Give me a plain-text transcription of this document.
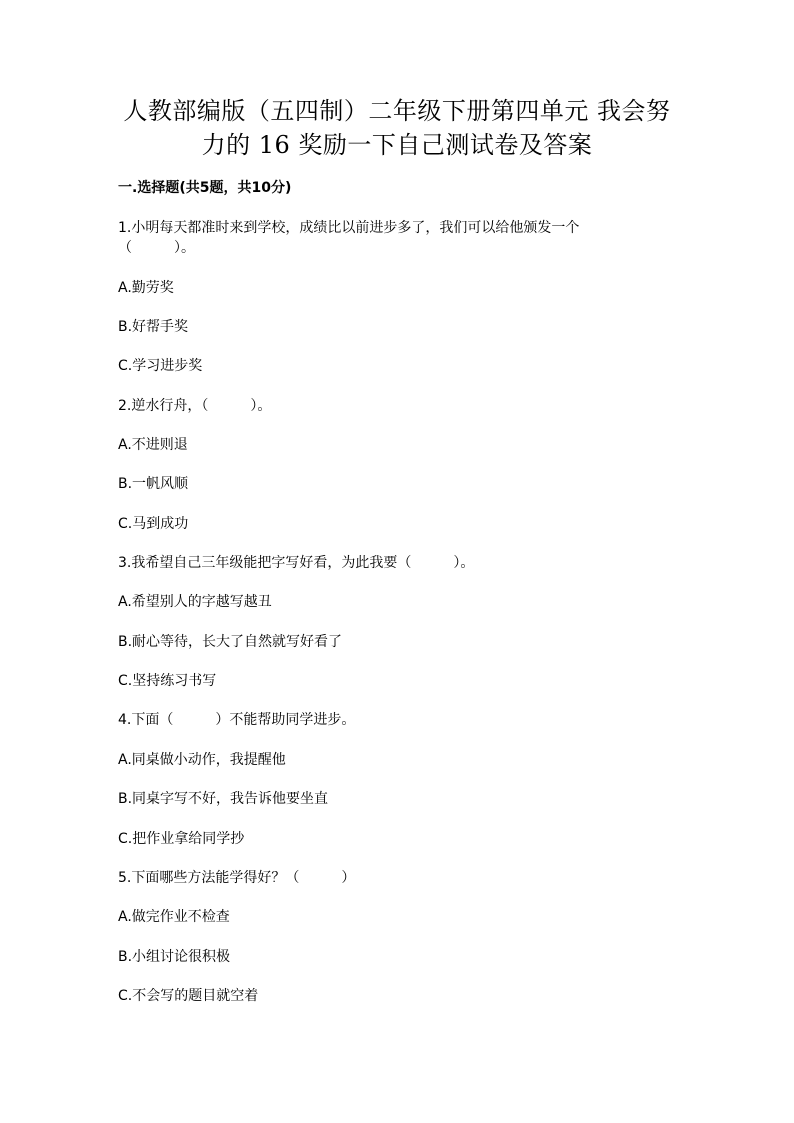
人教部编版（五四制）二年级下册第四单元 我会努
力的 16 奖励一下自己测试卷及答案
一.选择题(共5题，共10分)
1.小明每天都准时来到学校，成绩比以前进步多了，我们可以给他颁发一个
（　　　）。
A.勤劳奖
B.好帮手奖
C.学习进步奖
2.逆水行舟，（　　　）。
A.不进则退
B.一帆风顺
C.马到成功
3.我希望自己三年级能把字写好看，为此我要（　　　）。
A.希望别人的字越写越丑
B.耐心等待，长大了自然就写好看了
C.坚持练习书写
4.下面（　　　）不能帮助同学进步。
A.同桌做小动作，我提醒他
B.同桌字写不好，我告诉他要坐直
C.把作业拿给同学抄
5.下面哪些方法能学得好？（　　　）
A.做完作业不检查
B.小组讨论很积极
C.不会写的题目就空着
